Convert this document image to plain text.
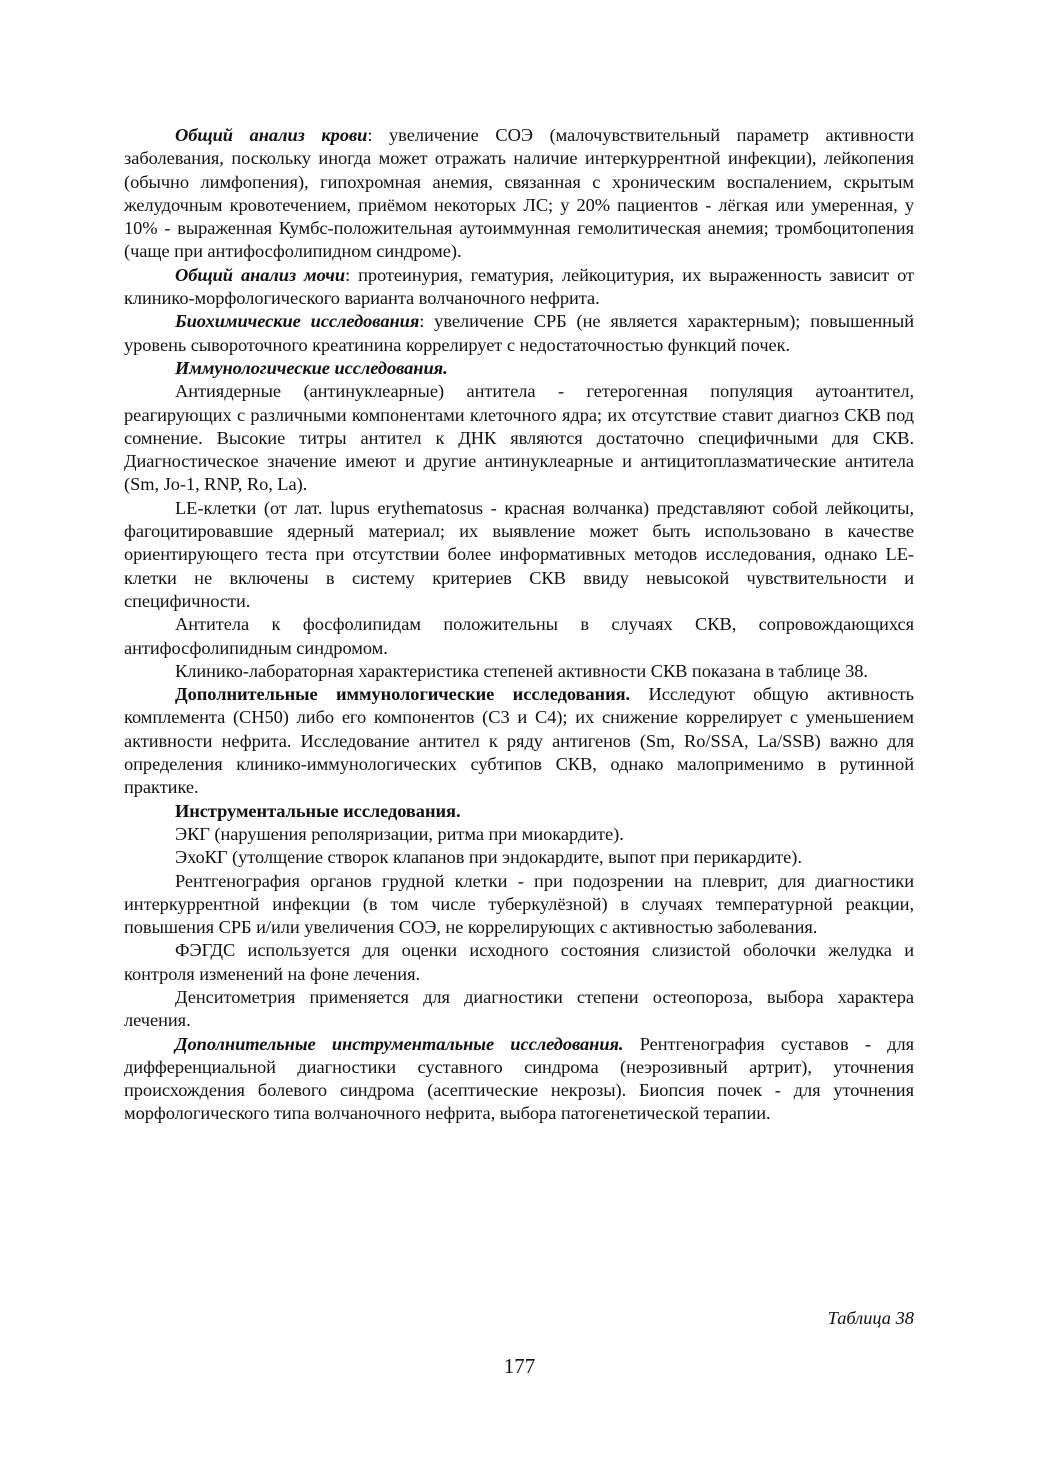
Общий анализ крови: увеличение СОЭ (малочувствительный параметр активности заболевания, поскольку иногда может отражать наличие интеркуррентной инфекции), лейкопения (обычно лимфопения), гипохромная анемия, связанная с хроническим воспалением, скрытым желудочным кровотечением, приёмом некоторых ЛС; у 20% пациентов - лёгкая или умеренная, у 10% - выраженная Кумбс-положительная аутоиммунная гемолитическая анемия; тромбоцитопения (чаще при антифосфолипидном синдроме).

Общий анализ мочи: протеинурия, гематурия, лейкоцитурия, их выраженность зависит от клинико-морфологического варианта волчаночного нефрита.

Биохимические исследования: увеличение СРБ (не является характерным); повышенный уровень сывороточного креатинина коррелирует с недостаточностью функций почек.

Иммунологические исследования.

Антиядерные (антинуклеарные) антитела - гетерогенная популяция аутоантител, реагирующих с различными компонентами клеточного ядра; их отсутствие ставит диагноз СКВ под сомнение. Высокие титры антител к ДНК являются достаточно специфичными для СКВ. Диагностическое значение имеют и другие антинуклеарные и антицитоплазматические антитела (Sm, Jo-1, RNP, Ro, La).

LE-клетки (от лат. lupus erythematosus - красная волчанка) представляют собой лейкоциты, фагоцитировавшие ядерный материал; их выявление может быть использовано в качестве ориентирующего теста при отсутствии более информативных методов исследования, однако LE-клетки не включены в систему критериев СКВ ввиду невысокой чувствительности и специфичности.

Антитела к фосфолипидам положительны в случаях СКВ, сопровождающихся антифосфолипидным синдромом.

Клинико-лабораторная характеристика степеней активности СКВ показана в таблице 38.

Дополнительные иммунологические исследования. Исследуют общую активность комплемента (CH50) либо его компонентов (C3 и C4); их снижение коррелирует с уменьшением активности нефрита. Исследование антител к ряду антигенов (Sm, Ro/SSA, La/SSB) важно для определения клинико-иммунологических субтипов СКВ, однако малоприменимо в рутинной практике.

Инструментальные исследования.

ЭКГ (нарушения реполяризации, ритма при миокардите).

ЭхоКГ (утолщение створок клапанов при эндокардите, выпот при перикардите).

Рентгенография органов грудной клетки - при подозрении на плеврит, для диагностики интеркуррентной инфекции (в том числе туберкулёзной) в случаях температурной реакции, повышения СРБ и/или увеличения СОЭ, не коррелирующих с активностью заболевания.

ФЭГДС используется для оценки исходного состояния слизистой оболочки желудка и контроля изменений на фоне лечения.

Денситометрия применяется для диагностики степени остеопороза, выбора характера лечения.

Дополнительные инструментальные исследования. Рентгенография суставов - для дифференциальной диагностики суставного синдрома (неэрозивный артрит), уточнения происхождения болевого синдрома (асептические некрозы). Биопсия почек - для уточнения морфологического типа волчаночного нефрита, выбора патогенетической терапии.

Таблица 38
177
